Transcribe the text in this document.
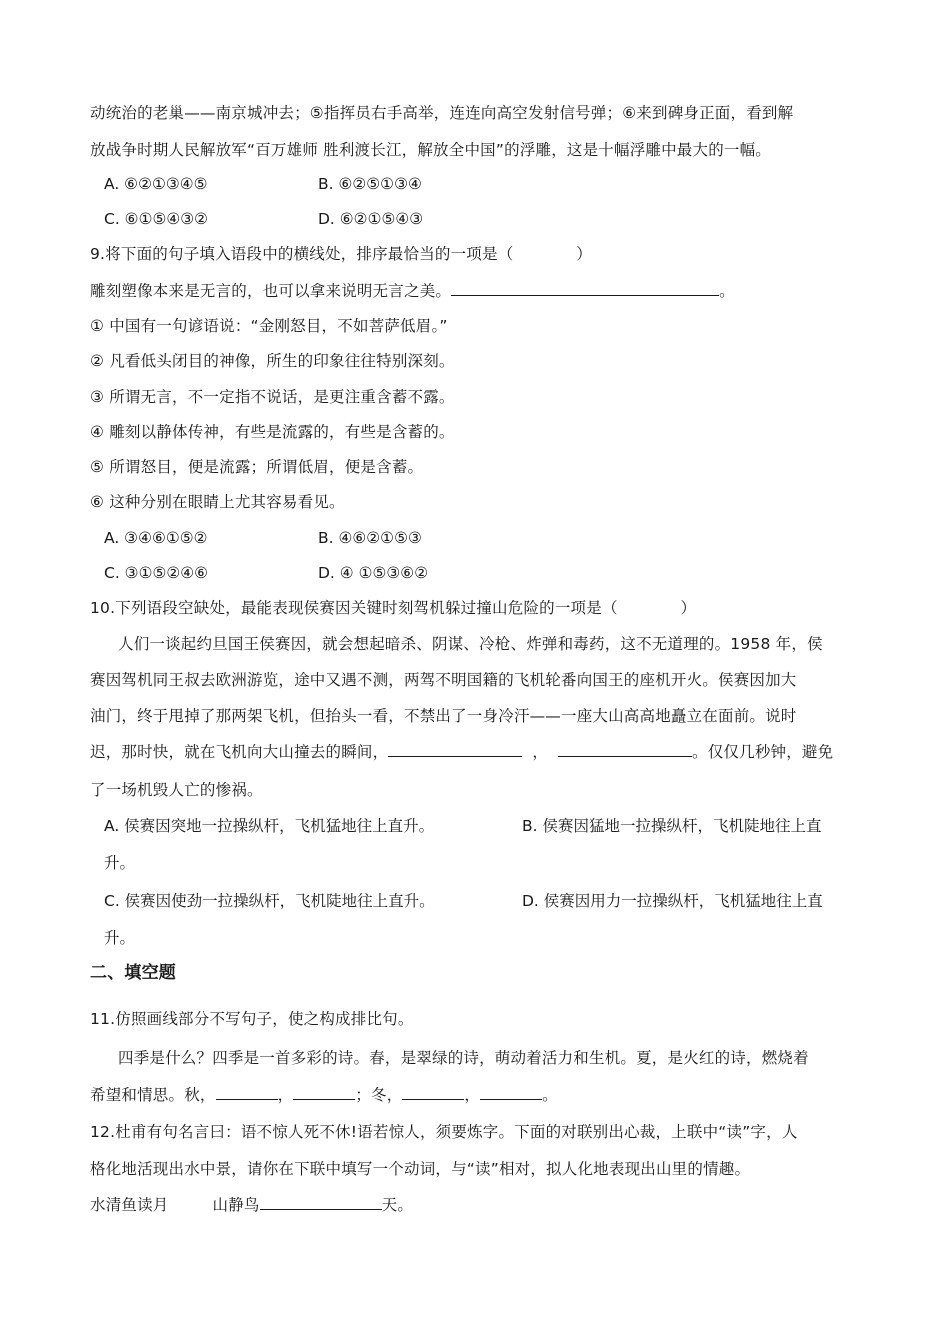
动统治的老巢——南京城冲去；⑤指挥员右手高举，连连向高空发射信号弹；⑥来到碑身正面，看到解

放战争时期人民解放军“百万雄师 胜利渡长江，解放全中国”的浮雕，这是十幅浮雕中最大的一幅。

A. ⑥②①③④⑤	B. ⑥②⑤①③④
C. ⑥①⑤④③②	D. ⑥②①⑤④③

9.将下面的句子填入语段中的横线处，排序最恰当的一项是（　　　　）

雕刻塑像本来是无言的，也可以拿来说明无言之美。	。

① 中国有一句谚语说：“金刚怒目，不如菩萨低眉。”

② 凡看低头闭目的神像，所生的印象往往特别深刻。

③ 所谓无言，不一定指不说话，是更注重含蓄不露。

④ 雕刻以静体传神，有些是流露的，有些是含蓄的。

⑤ 所谓怒目，便是流露；所谓低眉，便是含蓄。

⑥ 这种分别在眼睛上尤其容易看见。

A. ③④⑥①⑤②	B. ④⑥②①⑤③
C. ③①⑤②④⑥	D. ④ ①⑤③⑥②

10.下列语段空缺处，最能表现侯赛因关键时刻驾机躲过撞山危险的一项是（　　　　）

人们一谈起约旦国王侯赛因，就会想起暗杀、阴谋、冷枪、炸弹和毒药，这不无道理的。1958 年，侯

赛因驾机同王叔去欧洲游览，途中又遇不测，两驾不明国籍的飞机轮番向国王的座机开火。侯赛因加大

油门，终于甩掉了那两架飞机，但抬头一看，不禁出了一身冷汗——一座大山高高地矗立在面前。说时

迟，那时快，就在飞机向大山撞去的瞬间，	，	。仅仅几秒钟，避免

了一场机毁人亡的惨祸。

A. 侯赛因突地一拉操纵杆，飞机猛地往上直升。	B. 侯赛因猛地一拉操纵杆，飞机陡地往上直
升。
C. 侯赛因使劲一拉操纵杆，飞机陡地往上直升。	D. 侯赛因用力一拉操纵杆，飞机猛地往上直
升。

二、填空题

11.仿照画线部分不写句子，使之构成排比句。

四季是什么？四季是一首多彩的诗。春，是翠绿的诗，萌动着活力和生机。夏，是火红的诗，燃烧着

希望和情思。秋，	，	；冬，	，	。

12.杜甫有句名言曰：语不惊人死不休!语若惊人，须要炼字。下面的对联别出心裁，上联中“读”字，人

格化地活现出水中景，请你在下联中填写一个动词，与“读”相对，拟人化地表现出山里的情趣。

水清鱼读月	山静鸟	天。
